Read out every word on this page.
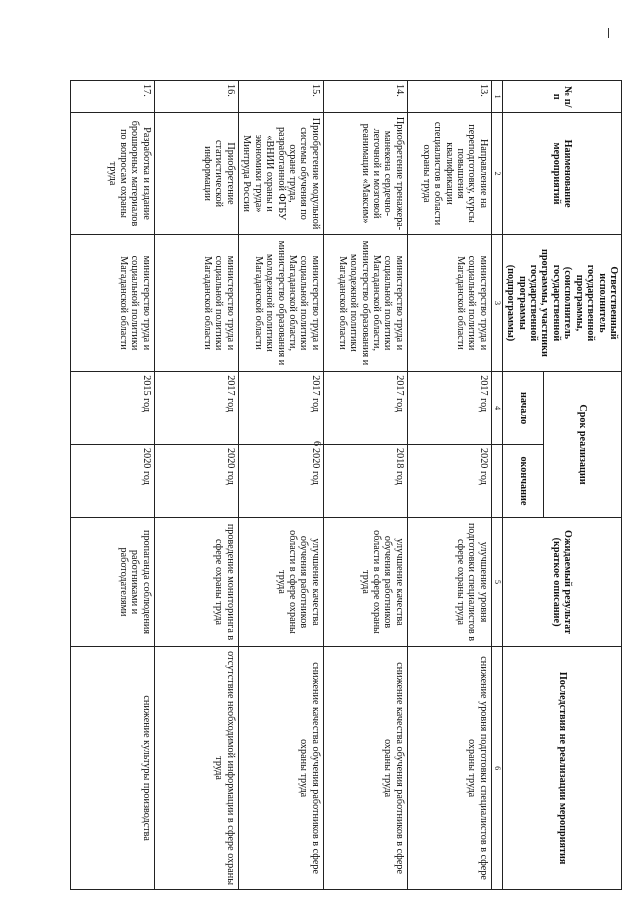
6
№ п/п	Наименование мероприятий	Ответственный исполнитель государственной программы, (соисполнитель государственной программы, участники государственной программы (подпрограммы)	Срок реализации		Ожидаемый результат (краткое описание)	Последствия не реализации мероприятия
			начало	окончание		
1	2	3	4		5	6
13.	Направление на переподготовку, курсы повышения квалификации специалистов в области охраны труда	министерство труда и социальной политики Магаданской области	2017 год	2020 год	улучшение уровня подготовки специалистов в сфере охраны труда	снижение уровня подготовки специалистов в сфере охраны труда
14.	Приобретение тренажера-манекена сердечно-легочной и мозговой реанимации «Максим»	министерство труда и социальной политики Магаданской области, министерство образования и молодежной политики Магаданской области	2017 год	2018 год	улучшение качества обучения работников области в сфере охраны труда	снижение качества обучения работников в сфере охраны труда
15.	Приобретение модульной системы обучения по охране труда, разработанной ФГБУ «ВНИИ охраны и экономики труда» Минтруда России	министерство труда и социальной политики Магаданской области, министерство образования и молодежной политики Магаданской области	2017 год	2020 год	улучшение качества обучения работников области в сфере охраны труда	снижение качества обучения работников в сфере охраны труда
16.	Приобретение статистической информации	министерство труда и социальной политики Магаданской области	2017 год	2020 год	проведение мониторинга в сфере охраны труда	отсутствие необходимой информации в сфере охраны труда
17.	Разработка и издание брошюрных материалов по вопросам охраны труда	министерство труда и социальной политики Магаданской области	2015 год	2020 год	пропаганда соблюдения работниками и работодателями	снижение культуры производства
